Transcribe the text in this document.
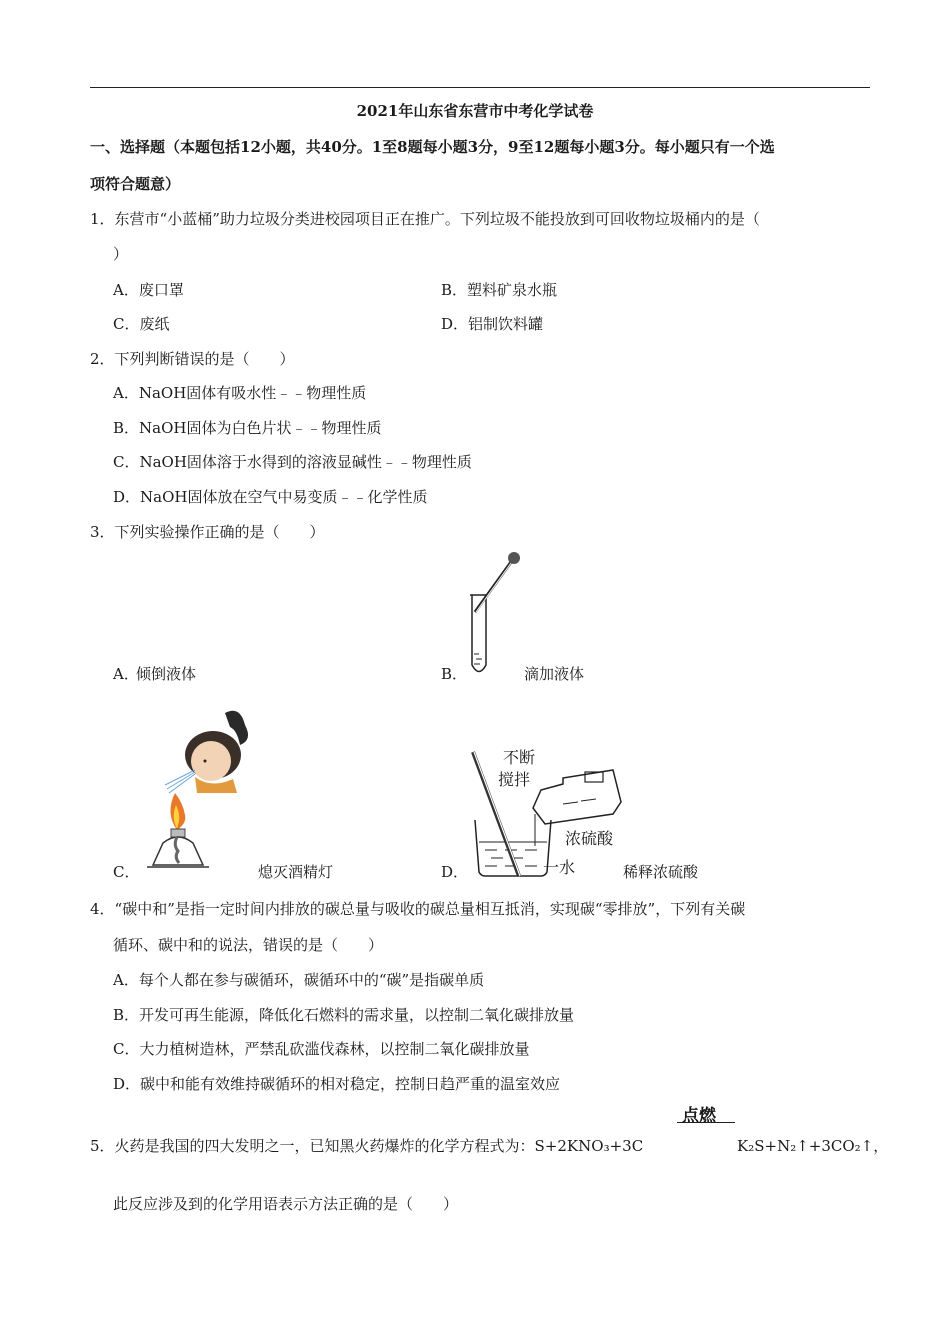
2021年山东省东营市中考化学试卷
一、选择题（本题包括12小题，共40分。1至8题每小题3分，9至12题每小题3分。每小题只有一个选
项符合题意）
1．东营市“小蓝桶”助力垃圾分类进校园项目正在推广。下列垃圾不能投放到可回收物垃圾桶内的是（
）
A．废口罩	B．塑料矿泉水瓶
C．废纸	D．铝制饮料罐
2．下列判断错误的是（　　）
A．NaOH固体有吸水性﹣﹣物理性质
B．NaOH固体为白色片状﹣﹣物理性质
C．NaOH固体溶于水得到的溶液显碱性﹣﹣物理性质
D．NaOH固体放在空气中易变质﹣﹣化学性质
3．下列实验操作正确的是（　　）
A．
倾倒液体	B．	滴加液体
C．	熄灭酒精灯	D．
不断
搅拌
浓硫酸
一水	稀释浓硫酸
4．“碳中和”是指一定时间内排放的碳总量与吸收的碳总量相互抵消，实现碳“零排放”，下列有关碳
循环、碳中和的说法，错误的是（　　）
A．每个人都在参与碳循环，碳循环中的“碳”是指碳单质
B．开发可再生能源，降低化石燃料的需求量，以控制二氧化碳排放量
C．大力植树造林，严禁乱砍滥伐森林，以控制二氧化碳排放量
D．碳中和能有效维持碳循环的相对稳定，控制日趋严重的温室效应
点燃
5．火药是我国的四大发明之一，已知黑火药爆炸的化学方程式为：S+2KNO₃+3C	K₂S+N₂↑+3CO₂↑，
此反应涉及到的化学用语表示方法正确的是（　　）
